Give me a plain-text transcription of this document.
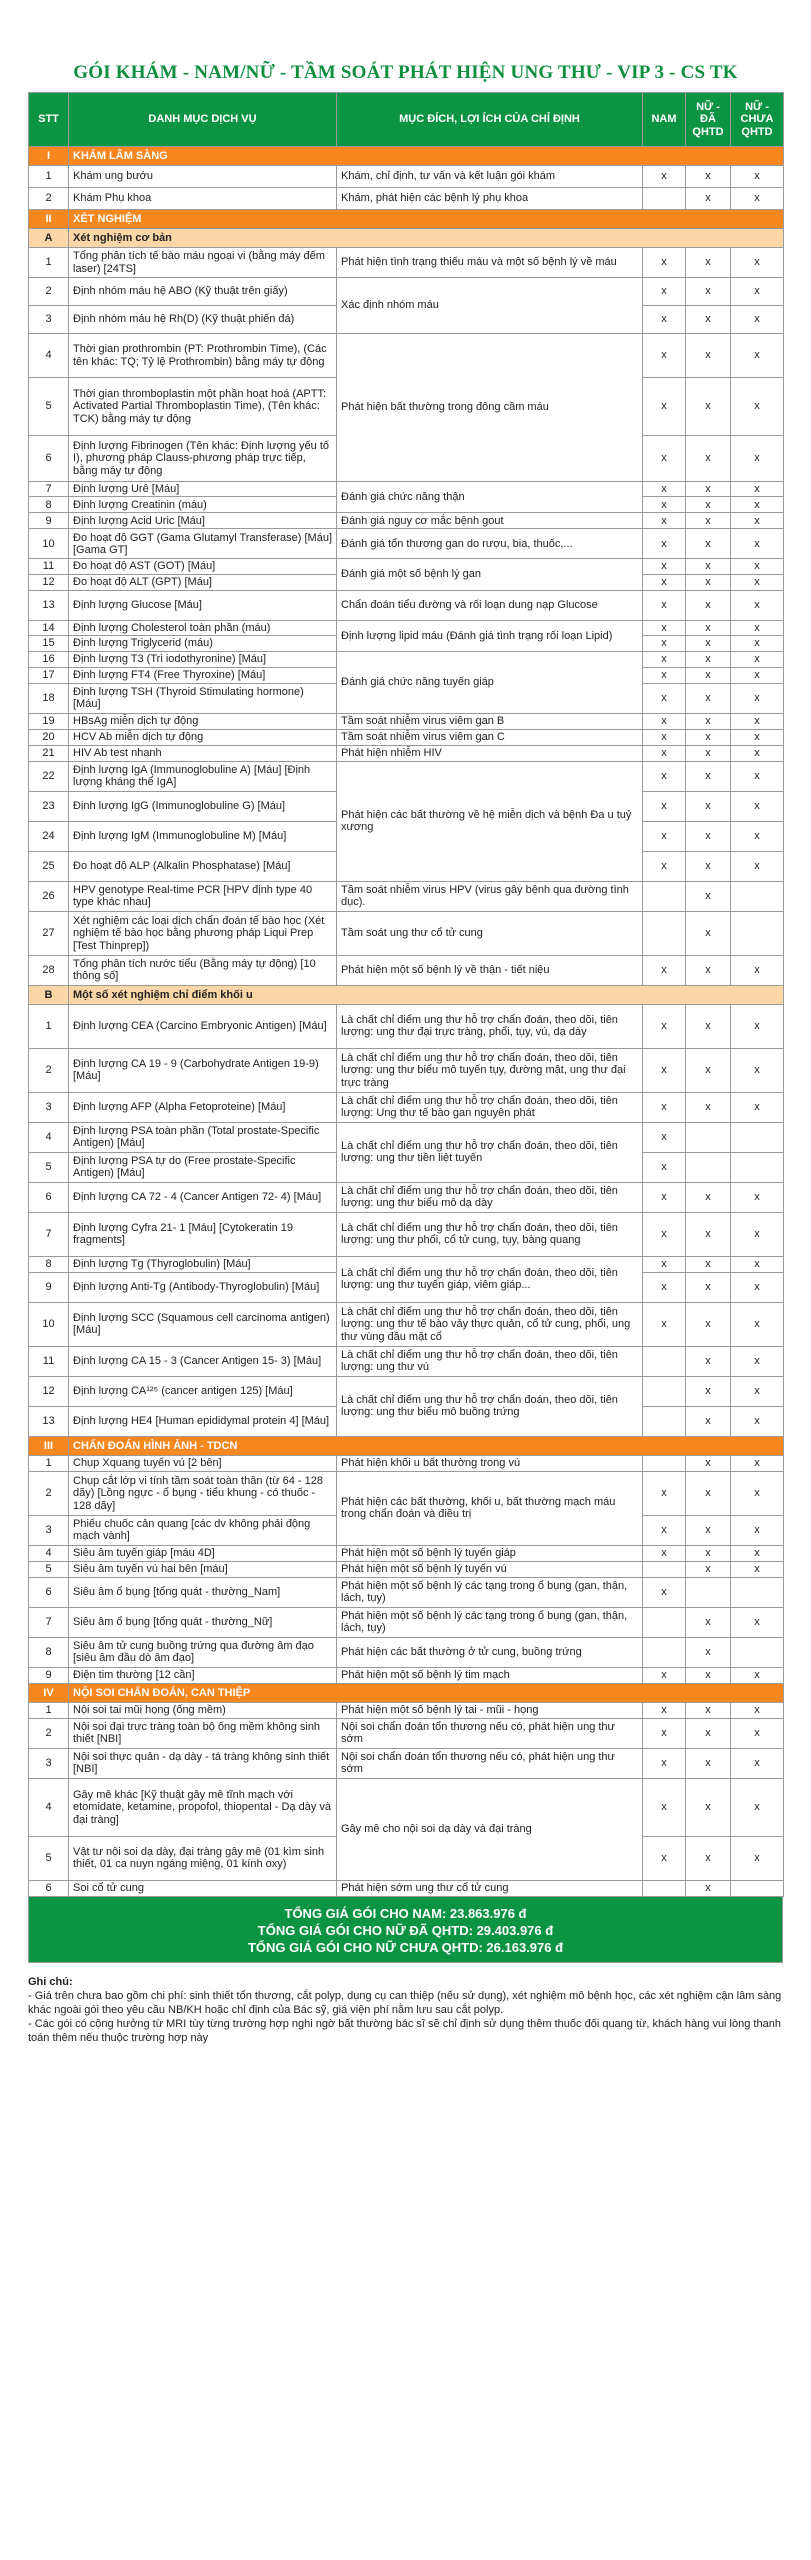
GÓI KHÁM - NAM/NỮ - TẦM SOÁT PHÁT HIỆN UNG THƯ - VIP 3 - CS TK
STT	DANH MỤC DỊCH VỤ	MỤC ĐÍCH, LỢI ÍCH CỦA CHỈ ĐỊNH	NAM	NỮ - ĐÃ QHTD	NỮ - CHƯA QHTD
I	KHÁM LÂM SÀNG				
1	Khám ung bướu	Khám, chỉ định, tư vấn và kết luận gói khám	x	x	x
2	Khám Phụ khoa	Khám, phát hiện các bệnh lý phụ khoa		x	x
II	XÉT NGHIỆM				
A	Xét nghiệm cơ bản				
1	Tổng phân tích tế bào máu ngoại vi (bằng máy đếm laser) [24TS]	Phát hiện tình trạng thiếu máu và một số bệnh lý về máu	x	x	x
2	Định nhóm máu hệ ABO (Kỹ thuật trên giấy)	Xác định nhóm máu	x	x	x
3	Định nhóm máu hệ Rh(D) (Kỹ thuật phiến đá)		x	x	x
4	Thời gian prothrombin (PT: Prothrombin Time), (Các tên khác: TQ; Tỷ lệ Prothrombin) bằng máy tự động	Phát hiện bất thường trong đông cầm máu	x	x	x
5	Thời gian thromboplastin một phần hoạt hoá (APTT: Activated Partial Thromboplastin Time), (Tên khác: TCK) bằng máy tự động		x	x	x
6	Định lượng Fibrinogen (Tên khác: Định lượng yếu tố I), phương pháp Clauss-phương pháp trực tiếp, bằng máy tự động		x	x	x
7	Định lượng Urê [Máu]	Đánh giá chức năng thận	x	x	x
8	Định lượng Creatinin (máu)		x	x	x
9	Định lượng Acid Uric [Máu]	Đánh giá nguy cơ mắc bệnh gout	x	x	x
10	Đo hoạt độ GGT (Gama Glutamyl Transferase) [Máu] [Gama GT]	Đánh giá tổn thương gan do rượu, bia, thuốc,...	x	x	x
11	Đo hoạt độ AST (GOT) [Máu]	Đánh giá một số bệnh lý gan	x	x	x
12	Đo hoạt độ ALT (GPT) [Máu]		x	x	x
13	Định lượng Glucose [Máu]	Chẩn đoán tiểu đường và rối loạn dung nạp Glucose	x	x	x
14	Định lượng Cholesterol toàn phần (máu)	Định lượng lipid máu (Đánh giá tình trạng rối loạn Lipid)	x	x	x
15	Định lượng Triglycerid (máu)		x	x	x
16	Định lượng T3 (Tri iodothyronine) [Máu]	Đánh giá chức năng tuyến giáp	x	x	x
17	Định lượng FT4 (Free Thyroxine) [Máu]		x	x	x
18	Định lượng TSH (Thyroid Stimulating hormone) [Máu]		x	x	x
19	HBsAg miễn dịch tự động	Tầm soát nhiễm virus viêm gan B	x	x	x
20	HCV Ab miễn dịch tự động	Tầm soát nhiễm virus viêm gan C	x	x	x
21	HIV Ab test nhanh	Phát hiện nhiễm HIV	x	x	x
22	Định lượng IgA (Immunoglobuline A) [Máu] [Định lượng kháng thể IgA]	Phát hiện các bất thường về hệ miễn dịch và bệnh Đa u tuỷ xương	x	x	x
23	Định lượng IgG (Immunoglobuline G) [Máu]		x	x	x
24	Định lượng IgM (Immunoglobuline M) [Máu]		x	x	x
25	Đo hoạt độ ALP (Alkalin Phosphatase) [Máu]		x	x	x
26	HPV genotype Real-time PCR [HPV định type 40 type khác nhau]	Tầm soát nhiễm virus HPV (virus gây bệnh qua đường tình dục).		x	
27	Xét nghiệm các loại dịch chẩn đoán tế bào học (Xét nghiệm tế bào học bằng phương pháp Liqui Prep [Test Thinprep])	Tầm soát ung thư cổ tử cung		x	
28	Tổng phân tích nước tiểu (Bằng máy tự động) [10 thông số]	Phát hiện một số bệnh lý về thận - tiết niệu	x	x	x
B	Một số xét nghiệm chỉ điểm khối u				
1	Định lượng CEA (Carcino Embryonic Antigen) [Máu]	Là chất chỉ điểm ung thư hỗ trợ chẩn đoán, theo dõi, tiên lượng: ung thư đại trực tràng, phổi, tụy, vú, dạ dày	x	x	x
2	Định lượng CA 19 - 9 (Carbohydrate Antigen 19-9) [Máu]	Là chất chỉ điểm ung thư hỗ trợ chẩn đoán, theo dõi, tiên lượng: ung thư biểu mô tuyến tụy, đường mật, ung thư đại trực tràng	x	x	x
3	Định lượng AFP (Alpha Fetoproteine) [Máu]	Là chất chỉ điểm ung thư hỗ trợ chẩn đoán, theo dõi, tiên lượng: Ung thư tế bào gan nguyên phát	x	x	x
4	Định lượng PSA toàn phần (Total prostate-Specific Antigen) [Máu]	Là chất chỉ điểm ung thư hỗ trợ chẩn đoán, theo dõi, tiên lượng: ung thư tiền liệt tuyến	x		
5	Định lượng PSA tự do (Free prostate-Specific Antigen) [Máu]		x		
6	Định lượng CA 72 - 4 (Cancer Antigen 72- 4) [Máu]	Là chất chỉ điểm ung thư hỗ trợ chẩn đoán, theo dõi, tiên lượng: ung thư biểu mô dạ dày	x	x	x
7	Định lượng Cyfra 21- 1 [Máu] [Cytokeratin 19 fragments]	Là chất chỉ điểm ung thư hỗ trợ chẩn đoán, theo dõi, tiên lượng: ung thư phổi, cổ tử cung, tụy, bàng quang	x	x	x
8	Định lượng Tg (Thyroglobulin) [Máu]	Là chất chỉ điểm ung thư hỗ trợ chẩn đoán, theo dõi, tiên lượng: ung thư tuyến giáp, viêm giáp...	x	x	x
9	Định lượng Anti-Tg (Antibody-Thyroglobulin) [Máu]		x	x	x
10	Định lượng SCC (Squamous cell carcinoma antigen) [Máu]	Là chất chỉ điểm ung thư hỗ trợ chẩn đoán, theo dõi, tiên lượng: ung thư tế bào vảy thực quản, cổ tử cung, phổi, ung thư vùng đầu mặt cổ	x	x	x
11	Định lượng CA 15 - 3 (Cancer Antigen 15- 3) [Máu]	Là chất chỉ điểm ung thư hỗ trợ chẩn đoán, theo dõi, tiên lượng: ung thư vú		x	x
12	Định lượng CA¹²⁵ (cancer antigen 125) [Máu]	Là chất chỉ điểm ung thư hỗ trợ chẩn đoán, theo dõi, tiên lượng: ung thư biểu mô buồng trứng		x	x
13	Định lượng HE4 [Human epididymal protein 4] [Máu]			x	x
III	CHẨN ĐOÁN HÌNH ẢNH - TDCN				
1	Chụp Xquang tuyến vú [2 bên]	Phát hiện khối u bất thường trong vú		x	x
2	Chụp cắt lớp vi tính tầm soát toàn thân (từ 64 - 128 dãy) [Lồng ngực - ổ bụng - tiểu khung - có thuốc - 128 dãy]	Phát hiện các bất thường, khối u, bất thường mạch máu trong chẩn đoán và điều trị	x	x	x
3	Phiếu chuốc cản quang [các dv không phải động mạch vành]		x	x	x
4	Siêu âm tuyến giáp [máu 4D]	Phát hiện một số bệnh lý tuyến giáp	x	x	x
5	Siêu âm tuyến vú hai bên [máu]	Phát hiện một số bệnh lý tuyến vú		x	x
6	Siêu âm ổ bụng [tổng quát - thường_Nam]	Phát hiện một số bệnh lý các tạng trong ổ bụng (gan, thận, lách, tụy)	x		
7	Siêu âm ổ bụng [tổng quát - thường_Nữ]	Phát hiện một số bệnh lý các tạng trong ổ bụng (gan, thận, lách, tụy)		x	x
8	Siêu âm tử cung buồng trứng qua đường âm đạo [siêu âm đầu dò âm đạo]	Phát hiện các bất thường ở tử cung, buồng trứng		x	
9	Điện tim thường [12 cần]	Phát hiện một số bệnh lý tim mạch	x	x	x
IV	NỘI SOI CHẨN ĐOÁN, CAN THIỆP				
1	Nội soi tai mũi họng (ống mềm)	Phát hiện một số bệnh lý tai - mũi - họng	x	x	x
2	Nội soi đại trực tràng toàn bộ ống mềm không sinh thiết [NBI]	Nội soi chẩn đoán tổn thương nếu có, phát hiện ung thư sớm	x	x	x
3	Nội soi thực quản - dạ dày - tá tràng không sinh thiết [NBI]	Nội soi chẩn đoán tổn thương nếu có, phát hiện ung thư sớm	x	x	x
4	Gây mê khác [Kỹ thuật gây mê tĩnh mạch với etomidate, ketamine, propofol, thiopental - Dạ dày và đại tràng]	Gây mê cho nội soi dạ dày và đại tràng	x	x	x
5	Vật tư nội soi dạ dày, đại tràng gây mê (01 kìm sinh thiết, 01 ca nuyn ngáng miệng, 01 kính oxy)		x	x	x
6	Soi cổ tử cung	Phát hiện sớm ung thư cổ tử cung		x	
TỔNG GIÁ GÓI CHO NAM: 23.863.976 đ
TỔNG GIÁ GÓI CHO NỮ ĐÃ QHTD: 29.403.976 đ
TỔNG GIÁ GÓI CHO NỮ CHƯA QHTD: 26.163.976 đ
Ghi chú:
- Giá trên chưa bao gồm chi phí: sinh thiết tổn thương, cắt polyp, dụng cụ can thiệp (nếu sử dụng), xét nghiệm mô bệnh học, các xét nghiệm cận lâm sàng khác ngoài gói theo yêu cầu NB/KH hoặc chỉ định của Bác sỹ, giá viện phí nằm lưu sau cắt polyp.
- Các gói có cộng hưởng từ MRI tùy từng trường hợp nghi ngờ bất thường bác sĩ sẽ chỉ định sử dụng thêm thuốc đối quang từ, khách hàng vui lòng thanh toán thêm nếu thuộc trường hợp này
